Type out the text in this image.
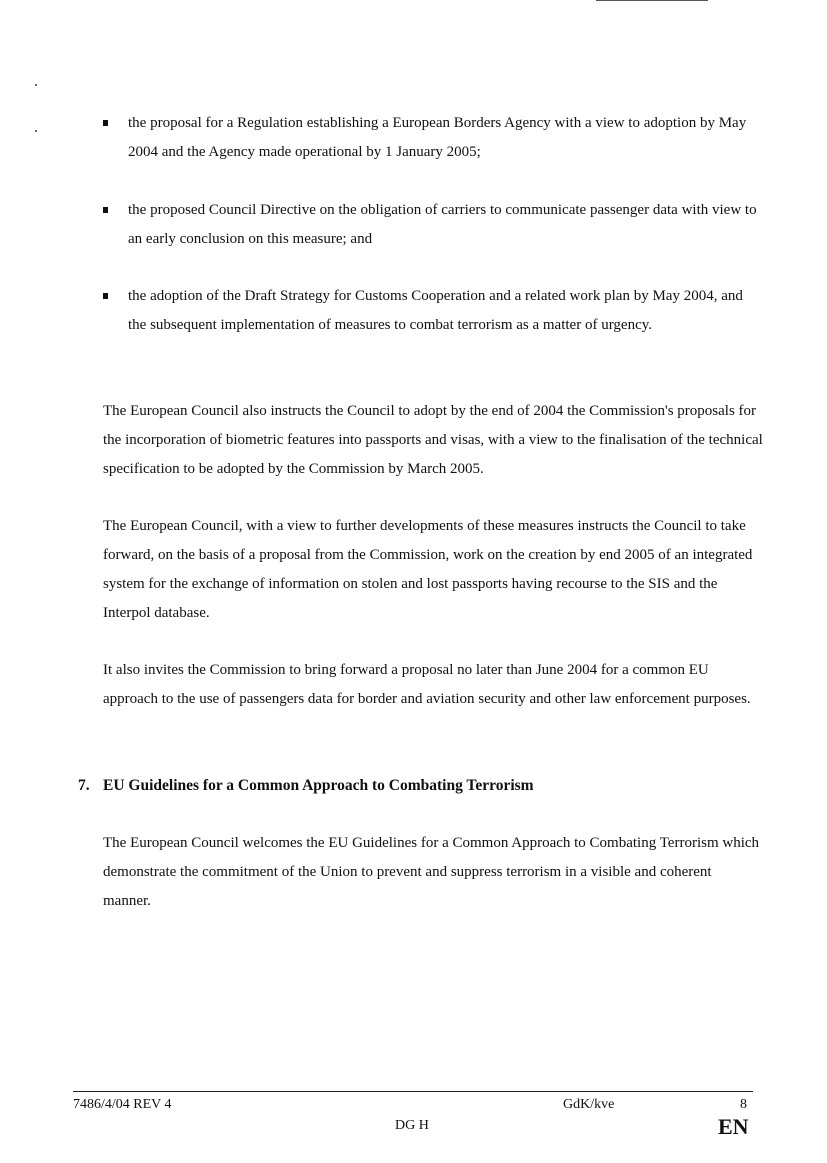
the proposal for a Regulation establishing a European Borders Agency with a view to adoption by May 2004 and the Agency made operational by 1 January 2005;
the proposed Council Directive on the obligation of carriers to communicate passenger data with view to an early conclusion on this measure; and
the adoption of the Draft Strategy for Customs Cooperation and a related work plan by May 2004, and the subsequent implementation of measures to combat terrorism as a matter of urgency.

The European Council also instructs the Council to adopt by the end of 2004 the Commission's proposals for the incorporation of biometric features into passports and visas, with a view to the finalisation of the technical specification to be adopted by the Commission by March 2005.

The European Council, with a view to further developments of these measures instructs the Council to take forward, on the basis of a proposal from the Commission, work on the creation by end 2005 of an integrated system for the exchange of information on stolen and lost passports having recourse to the SIS and the Interpol database.

It also invites the Commission to bring forward a proposal no later than June 2004 for a common EU approach to the use of passengers data for border and aviation security and other law enforcement purposes.

7. EU Guidelines for a Common Approach to Combating Terrorism

The European Council welcomes the EU Guidelines for a Common Approach to Combating Terrorism which demonstrate the commitment of the Union to prevent and suppress terrorism in a visible and coherent manner.

7486/4/04 REV 4
DG H
GdK/kve	8
EN
